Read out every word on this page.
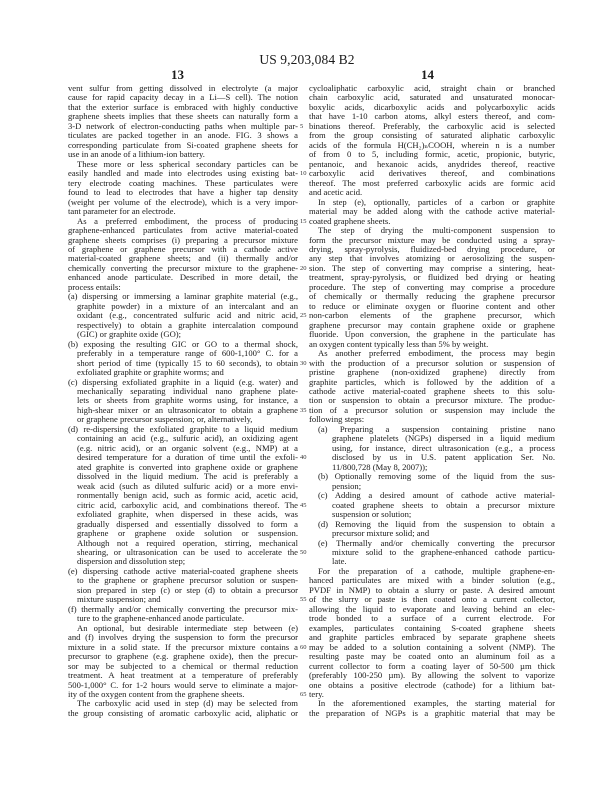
US 9,203,084 B2
13	14
vent sulfur from getting dissolved in electrolyte (a major
cause for rapid capacity decay in a Li—S cell). The notion
that the exterior surface is embraced with highly conductive
graphene sheets implies that these sheets can naturally form a
3-D network of electron-conducting paths when multiple par-
ticulates are packed together in an anode. FIG. 3 shows a
corresponding particulate from Si-coated graphene sheets for
use in an anode of a lithium-ion battery.
These more or less spherical secondary particles can be
easily handled and made into electrodes using existing bat-
tery electrode coating machines. These particulates were
found to lead to electrodes that have a higher tap density
(weight per volume of the electrode), which is a very impor-
tant parameter for an electrode.
As a preferred embodiment, the process of producing
graphene-enhanced particulates from active material-coated
graphene sheets comprises (i) preparing a precursor mixture
of graphene or graphene precursor with a cathode active
material-coated graphene sheets; and (ii) thermally and/or
chemically converting the precursor mixture to the graphene-
enhanced anode particulate. Described in more detail, the
process entails:
(a) dispersing or immersing a laminar graphite material (e.g.,
graphite powder) in a mixture of an intercalant and an
oxidant (e.g., concentrated sulfuric acid and nitric acid,
respectively) to obtain a graphite intercalation compound
(GIC) or graphite oxide (GO);
(b) exposing the resulting GIC or GO to a thermal shock,
preferably in a temperature range of 600-1,100° C. for a
short period of time (typically 15 to 60 seconds), to obtain
exfoliated graphite or graphite worms; and
(c) dispersing exfoliated graphite in a liquid (e.g. water) and
mechanically separating individual nano graphene plate-
lets or sheets from graphite worms using, for instance, a
high-shear mixer or an ultrasonicator to obtain a graphene
or graphene precursor suspension; or, alternatively,
(d) re-dispersing the exfoliated graphite to a liquid medium
containing an acid (e.g., sulfuric acid), an oxidizing agent
(e.g. nitric acid), or an organic solvent (e.g., NMP) at a
desired temperature for a duration of time until the exfoli-
ated graphite is converted into graphene oxide or graphene
dissolved in the liquid medium. The acid is preferably a
weak acid (such as diluted sulfuric acid) or a more envi-
ronmentally benign acid, such as formic acid, acetic acid,
citric acid, carboxylic acid, and combinations thereof. The
exfoliated graphite, when dispersed in these acids, was
gradually dispersed and essentially dissolved to form a
graphene or graphene oxide solution or suspension.
Although not a required operation, stirring, mechanical
shearing, or ultrasonication can be used to accelerate the
dispersion and dissolution step;
(e) dispersing cathode active material-coated graphene sheets
to the graphene or graphene precursor solution or suspen-
sion prepared in step (c) or step (d) to obtain a precursor
mixture suspension; and
(f) thermally and/or chemically converting the precursor mix-
ture to the graphene-enhanced anode particulate.
An optional, but desirable intermediate step between (e)
and (f) involves drying the suspension to form the precursor
mixture in a solid state. If the precursor mixture contains a
precursor to graphene (e.g. graphene oxide), then the precur-
sor may be subjected to a chemical or thermal reduction
treatment. A heat treatment at a temperature of preferably
500-1,000° C. for 1-2 hours would serve to eliminate a major-
ity of the oxygen content from the graphene sheets.
The carboxylic acid used in step (d) may be selected from
the group consisting of aromatic carboxylic acid, aliphatic or
5
10
15
20
25
30
35
40
45
50
55
60
65
cycloaliphatic carboxylic acid, straight chain or branched
chain carboxylic acid, saturated and unsaturated monocar-
boxylic acids, dicarboxylic acids and polycarboxylic acids
that have 1-10 carbon atoms, alkyl esters thereof, and com-
binations thereof. Preferably, the carboxylic acid is selected
from the group consisting of saturated aliphatic carboxylic
acids of the formula H(CH₂)ₙCOOH, wherein n is a number
of from 0 to 5, including formic, acetic, propionic, butyric,
pentanoic, and hexanoic acids, anydrides thereof, reactive
carboxylic acid derivatives thereof, and combinations
thereof. The most preferred carboxylic acids are formic acid
and acetic acid.
In step (e), optionally, particles of a carbon or graphite
material may be added along with the cathode active material-
coated graphene sheets.
The step of drying the multi-component suspension to
form the precursor mixture may be conducted using a spray-
drying, spray-pyrolysis, fluidized-bed drying procedure, or
any step that involves atomizing or aerosolizing the suspen-
sion. The step of converting may comprise a sintering, heat-
treatment, spray-pyrolysis, or fluidized bed drying or heating
procedure. The step of converting may comprise a procedure
of chemically or thermally reducing the graphene precursor
to reduce or eliminate oxygen or fluorine content and other
non-carbon elements of the graphene precursor, which
graphene precursor may contain graphene oxide or graphene
fluoride. Upon conversion, the graphene in the particulate has
an oxygen content typically less than 5% by weight.
As another preferred embodiment, the process may begin
with the production of a precursor solution or suspension of
pristine graphene (non-oxidized graphene) directly from
graphite particles, which is followed by the addition of a
cathode active material-coated graphene sheets to this solu-
tion or suspension to obtain a precursor mixture. The produc-
tion of a precursor solution or suspension may include the
following steps:
(a) Preparing a suspension containing pristine nano
graphene platelets (NGPs) dispersed in a liquid medium
using, for instance, direct ultrasonication (e.g., a process
disclosed by us in U.S. patent application Ser. No.
11/800,728 (May 8, 2007));
(b) Optionally removing some of the liquid from the sus-
pension;
(c) Adding a desired amount of cathode active material-
coated graphene sheets to obtain a precursor mixture
suspension or solution;
(d) Removing the liquid from the suspension to obtain a
precursor mixture solid; and
(e) Thermally and/or chemically converting the precursor
mixture solid to the graphene-enhanced cathode particu-
late.
For the preparation of a cathode, multiple graphene-en-
hanced particulates are mixed with a binder solution (e.g.,
PVDF in NMP) to obtain a slurry or paste. A desired amount
of the slurry or paste is then coated onto a current collector,
allowing the liquid to evaporate and leaving behind an elec-
trode bonded to a surface of a current electrode. For
examples, particulates containing S-coated graphene sheets
and graphite particles embraced by separate graphene sheets
may be added to a solution containing a solvent (NMP). The
resulting paste may be coated onto an aluminum foil as a
current collector to form a coating layer of 50-500 µm thick
(preferably 100-250 µm). By allowing the solvent to vaporize
one obtains a positive electrode (cathode) for a lithium bat-
tery.
In the aforementioned examples, the starting material for
the preparation of NGPs is a graphitic material that may be
